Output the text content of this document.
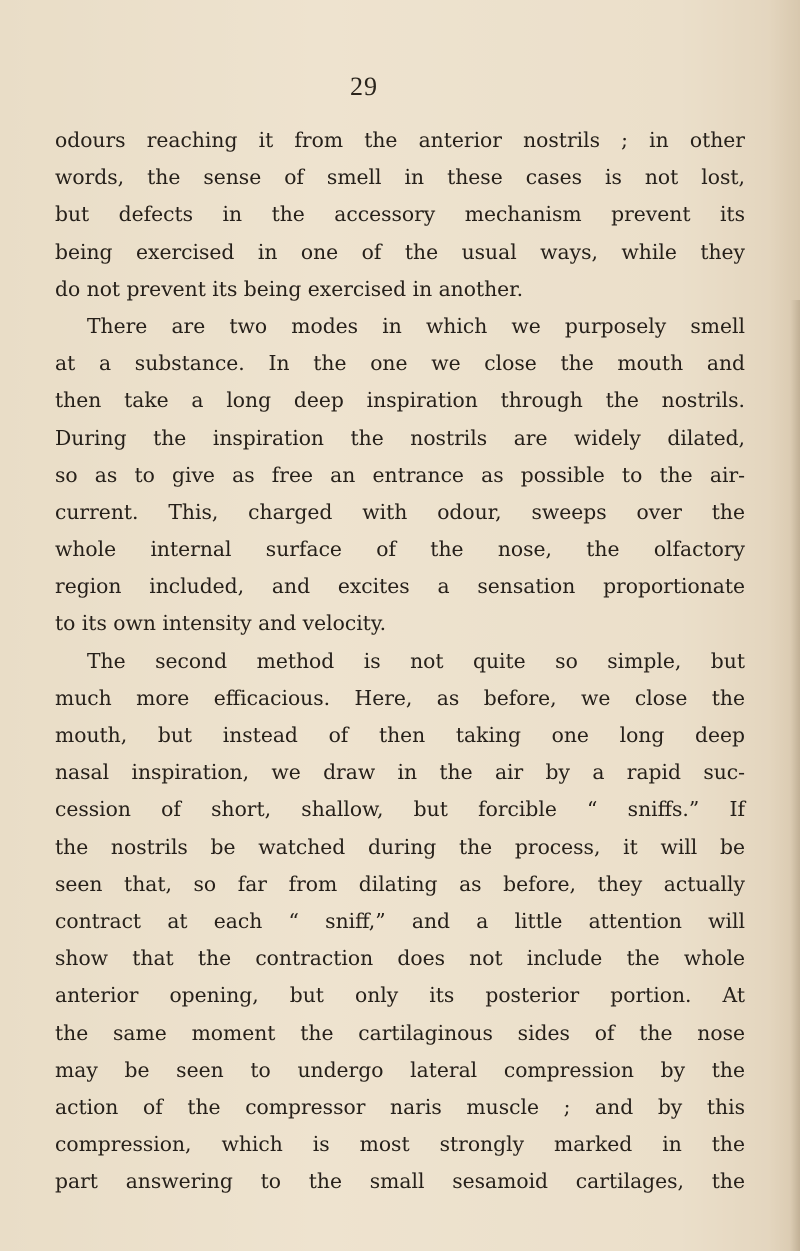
29
odours reaching it from the anterior nostrils ; in other
words, the sense of smell in these cases is not lost,
but defects in the accessory mechanism prevent its
being exercised in one of the usual ways, while they
do not prevent its being exercised in another.
There are two modes in which we purposely smell
at a substance. In the one we close the mouth and
then take a long deep inspiration through the nostrils.
During the inspiration the nostrils are widely dilated,
so as to give as free an entrance as possible to the air-
current. This, charged with odour, sweeps over the
whole internal surface of the nose, the olfactory
region included, and excites a sensation proportionate
to its own intensity and velocity.
The second method is not quite so simple, but
much more efficacious. Here, as before, we close the
mouth, but instead of then taking one long deep
nasal inspiration, we draw in the air by a rapid suc-
cession of short, shallow, but forcible “ sniffs.” If
the nostrils be watched during the process, it will be
seen that, so far from dilating as before, they actually
contract at each “ sniff,” and a little attention will
show that the contraction does not include the whole
anterior opening, but only its posterior portion. At
the same moment the cartilaginous sides of the nose
may be seen to undergo lateral compression by the
action of the compressor naris muscle ; and by this
compression, which is most strongly marked in the
part answering to the small sesamoid cartilages, the
